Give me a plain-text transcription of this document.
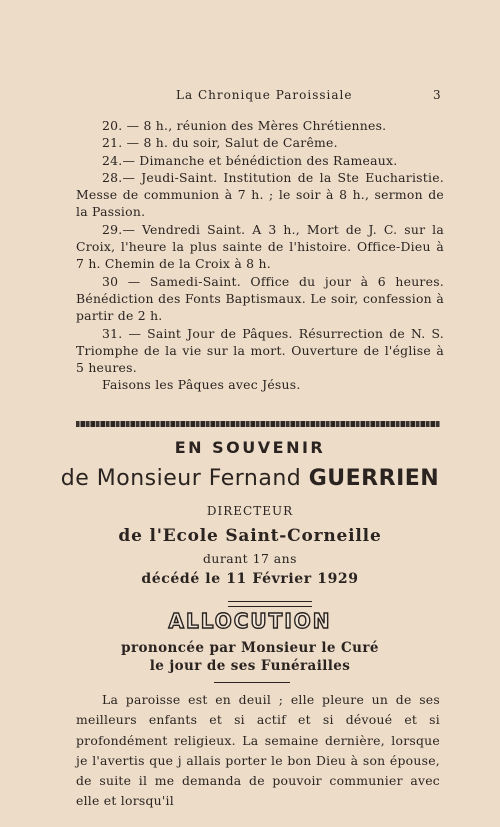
La Chronique Paroissiale	3

20. — 8 h., réunion des Mères Chrétiennes.

21. — 8 h. du soir, Salut de Carême.

24.— Dimanche et bénédiction des Rameaux.

28.— Jeudi-Saint. Institution de la Ste Eucharistie. Messe de communion à 7 h. ; le soir à 8 h., sermon de la Passion.

29.— Vendredi Saint. A 3 h., Mort de J. C. sur la Croix, l'heure la plus sainte de l'histoire. Office-Dieu à 7 h. Chemin de la Croix à 8 h.

30 — Samedi-Saint. Office du jour à 6 heures. Bénédiction des Fonts Baptismaux. Le soir, confession à partir de 2 h.

31. — Saint Jour de Pâques. Résurrection de N. S. Triomphe de la vie sur la mort. Ouverture de l'église à 5 heures.

Faisons les Pâques avec Jésus.

EN SOUVENIR

de Monsieur Fernand GUERRIEN

DIRECTEUR

de l'Ecole Saint-Corneille

durant 17 ans

décédé le 11 Février 1929

ALLOCUTION

prononcée par Monsieur le Curé

le jour de ses Funérailles

La paroisse est en deuil ; elle pleure un de ses meilleurs enfants et si actif et si dévoué et si profondément religieux. La semaine dernière, lorsque je l'avertis que j allais porter le bon Dieu à son épouse, de suite il me demanda de pouvoir communier avec elle et lorsqu'il
